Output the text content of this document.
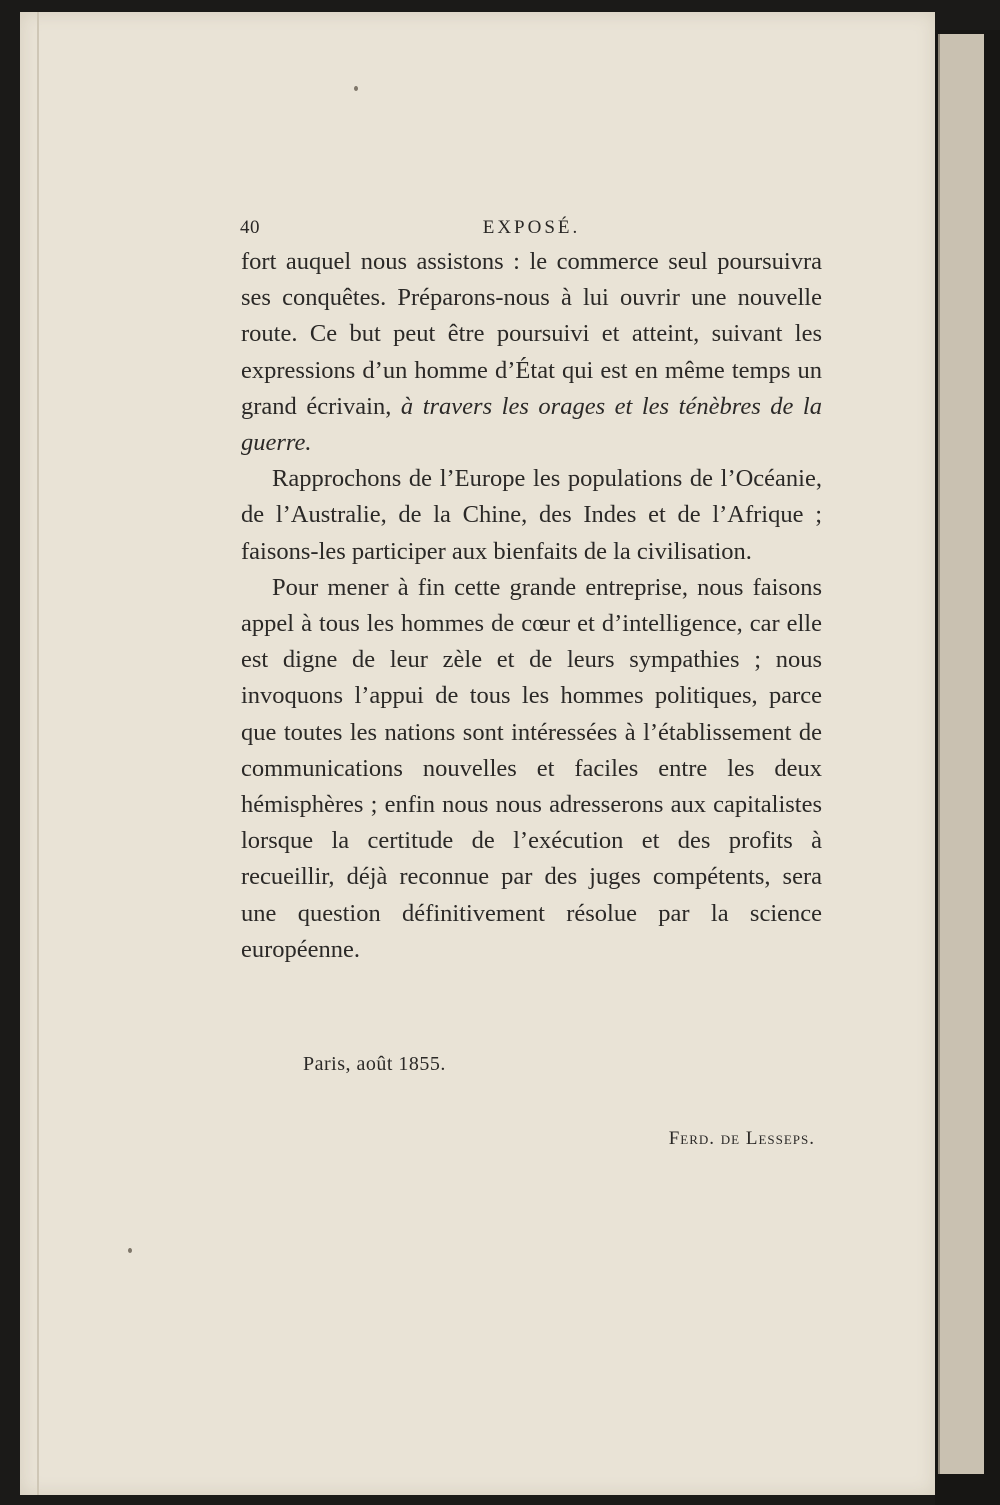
40	EXPOSÉ.

fort auquel nous assistons : le commerce seul poursuivra ses conquêtes. Préparons-nous à lui ouvrir une nouvelle route. Ce but peut être poursuivi et atteint, suivant les expressions d’un homme d’État qui est en même temps un grand écrivain, à travers les orages et les ténèbres de la guerre.

Rapprochons de l’Europe les populations de l’Océanie, de l’Australie, de la Chine, des Indes et de l’Afrique ; faisons-les participer aux bienfaits de la civilisation.

Pour mener à fin cette grande entreprise, nous faisons appel à tous les hommes de cœur et d’intelligence, car elle est digne de leur zèle et de leurs sympathies ; nous invoquons l’appui de tous les hommes politiques, parce que toutes les nations sont intéressées à l’établissement de communications nouvelles et faciles entre les deux hémisphères ; enfin nous nous adresserons aux capitalistes lorsque la certitude de l’exécution et des profits à recueillir, déjà reconnue par des juges compétents, sera une question définitivement résolue par la science européenne.

Paris, août 1855.
Ferd. de Lesseps.
